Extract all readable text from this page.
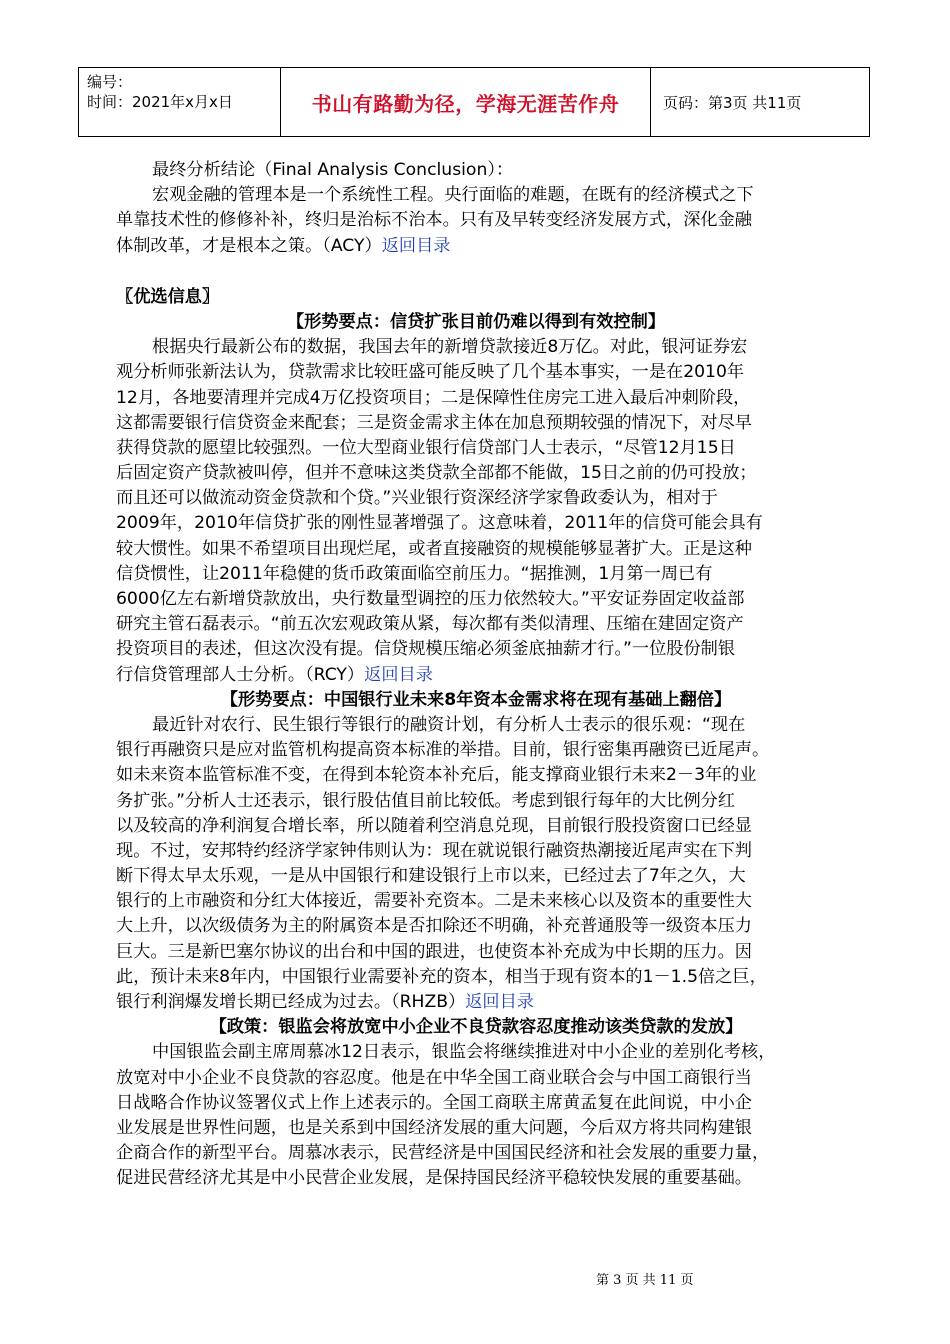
编号：
时间：2021年x月x日	书山有路勤为径，学海无涯苦作舟	页码：第3页 共11页
最终分析结论（Final Analysis Conclusion）：
宏观金融的管理本是一个系统性工程。央行面临的难题，在既有的经济模式之下
单靠技术性的修修补补，终归是治标不治本。只有及早转变经济发展方式，深化金融
体制改革，才是根本之策。（ACY）返回目录
〖优选信息〗
【形势要点：信贷扩张目前仍难以得到有效控制】
根据央行最新公布的数据，我国去年的新增贷款接近8万亿。对此，银河证券宏
观分析师张新法认为，贷款需求比较旺盛可能反映了几个基本事实，一是在2010年
12月，各地要清理并完成4万亿投资项目；二是保障性住房完工进入最后冲刺阶段，
这都需要银行信贷资金来配套；三是资金需求主体在加息预期较强的情况下，对尽早
获得贷款的愿望比较强烈。一位大型商业银行信贷部门人士表示，“尽管12月15日
后固定资产贷款被叫停，但并不意味这类贷款全部都不能做，15日之前的仍可投放；
而且还可以做流动资金贷款和个贷。”兴业银行资深经济学家鲁政委认为，相对于
2009年，2010年信贷扩张的刚性显著增强了。这意味着，2011年的信贷可能会具有
较大惯性。如果不希望项目出现烂尾，或者直接融资的规模能够显著扩大。正是这种
信贷惯性，让2011年稳健的货币政策面临空前压力。“据推测，1月第一周已有
6000亿左右新增贷款放出，央行数量型调控的压力依然较大。”平安证券固定收益部
研究主管石磊表示。“前五次宏观政策从紧，每次都有类似清理、压缩在建固定资产
投资项目的表述，但这次没有提。信贷规模压缩必须釜底抽薪才行。”一位股份制银
行信贷管理部人士分析。（RCY）返回目录
【形势要点：中国银行业未来8年资本金需求将在现有基础上翻倍】
最近针对农行、民生银行等银行的融资计划，有分析人士表示的很乐观：“现在
银行再融资只是应对监管机构提高资本标准的举措。目前，银行密集再融资已近尾声。
如未来资本监管标准不变，在得到本轮资本补充后，能支撑商业银行未来2－3年的业
务扩张。”分析人士还表示，银行股估值目前比较低。考虑到银行每年的大比例分红
以及较高的净利润复合增长率，所以随着利空消息兑现，目前银行股投资窗口已经显
现。不过，安邦特约经济学家钟伟则认为：现在就说银行融资热潮接近尾声实在下判
断下得太早太乐观，一是从中国银行和建设银行上市以来，已经过去了7年之久，大
银行的上市融资和分红大体接近，需要补充资本。二是未来核心以及资本的重要性大
大上升，以次级债务为主的附属资本是否扣除还不明确，补充普通股等一级资本压力
巨大。三是新巴塞尔协议的出台和中国的跟进，也使资本补充成为中长期的压力。因
此，预计未来8年内，中国银行业需要补充的资本，相当于现有资本的1－1.5倍之巨，
银行利润爆发增长期已经成为过去。（RHZB）返回目录
【政策：银监会将放宽中小企业不良贷款容忍度推动该类贷款的发放】
中国银监会副主席周慕冰12日表示，银监会将继续推进对中小企业的差别化考核，
放宽对中小企业不良贷款的容忍度。他是在中华全国工商业联合会与中国工商银行当
日战略合作协议签署仪式上作上述表示的。全国工商联主席黄孟复在此间说，中小企
业发展是世界性问题，也是关系到中国经济发展的重大问题，今后双方将共同构建银
企商合作的新型平台。周慕冰表示，民营经济是中国国民经济和社会发展的重要力量，
促进民营经济尤其是中小民营企业发展，是保持国民经济平稳较快发展的重要基础。
第 3 页 共 11 页
